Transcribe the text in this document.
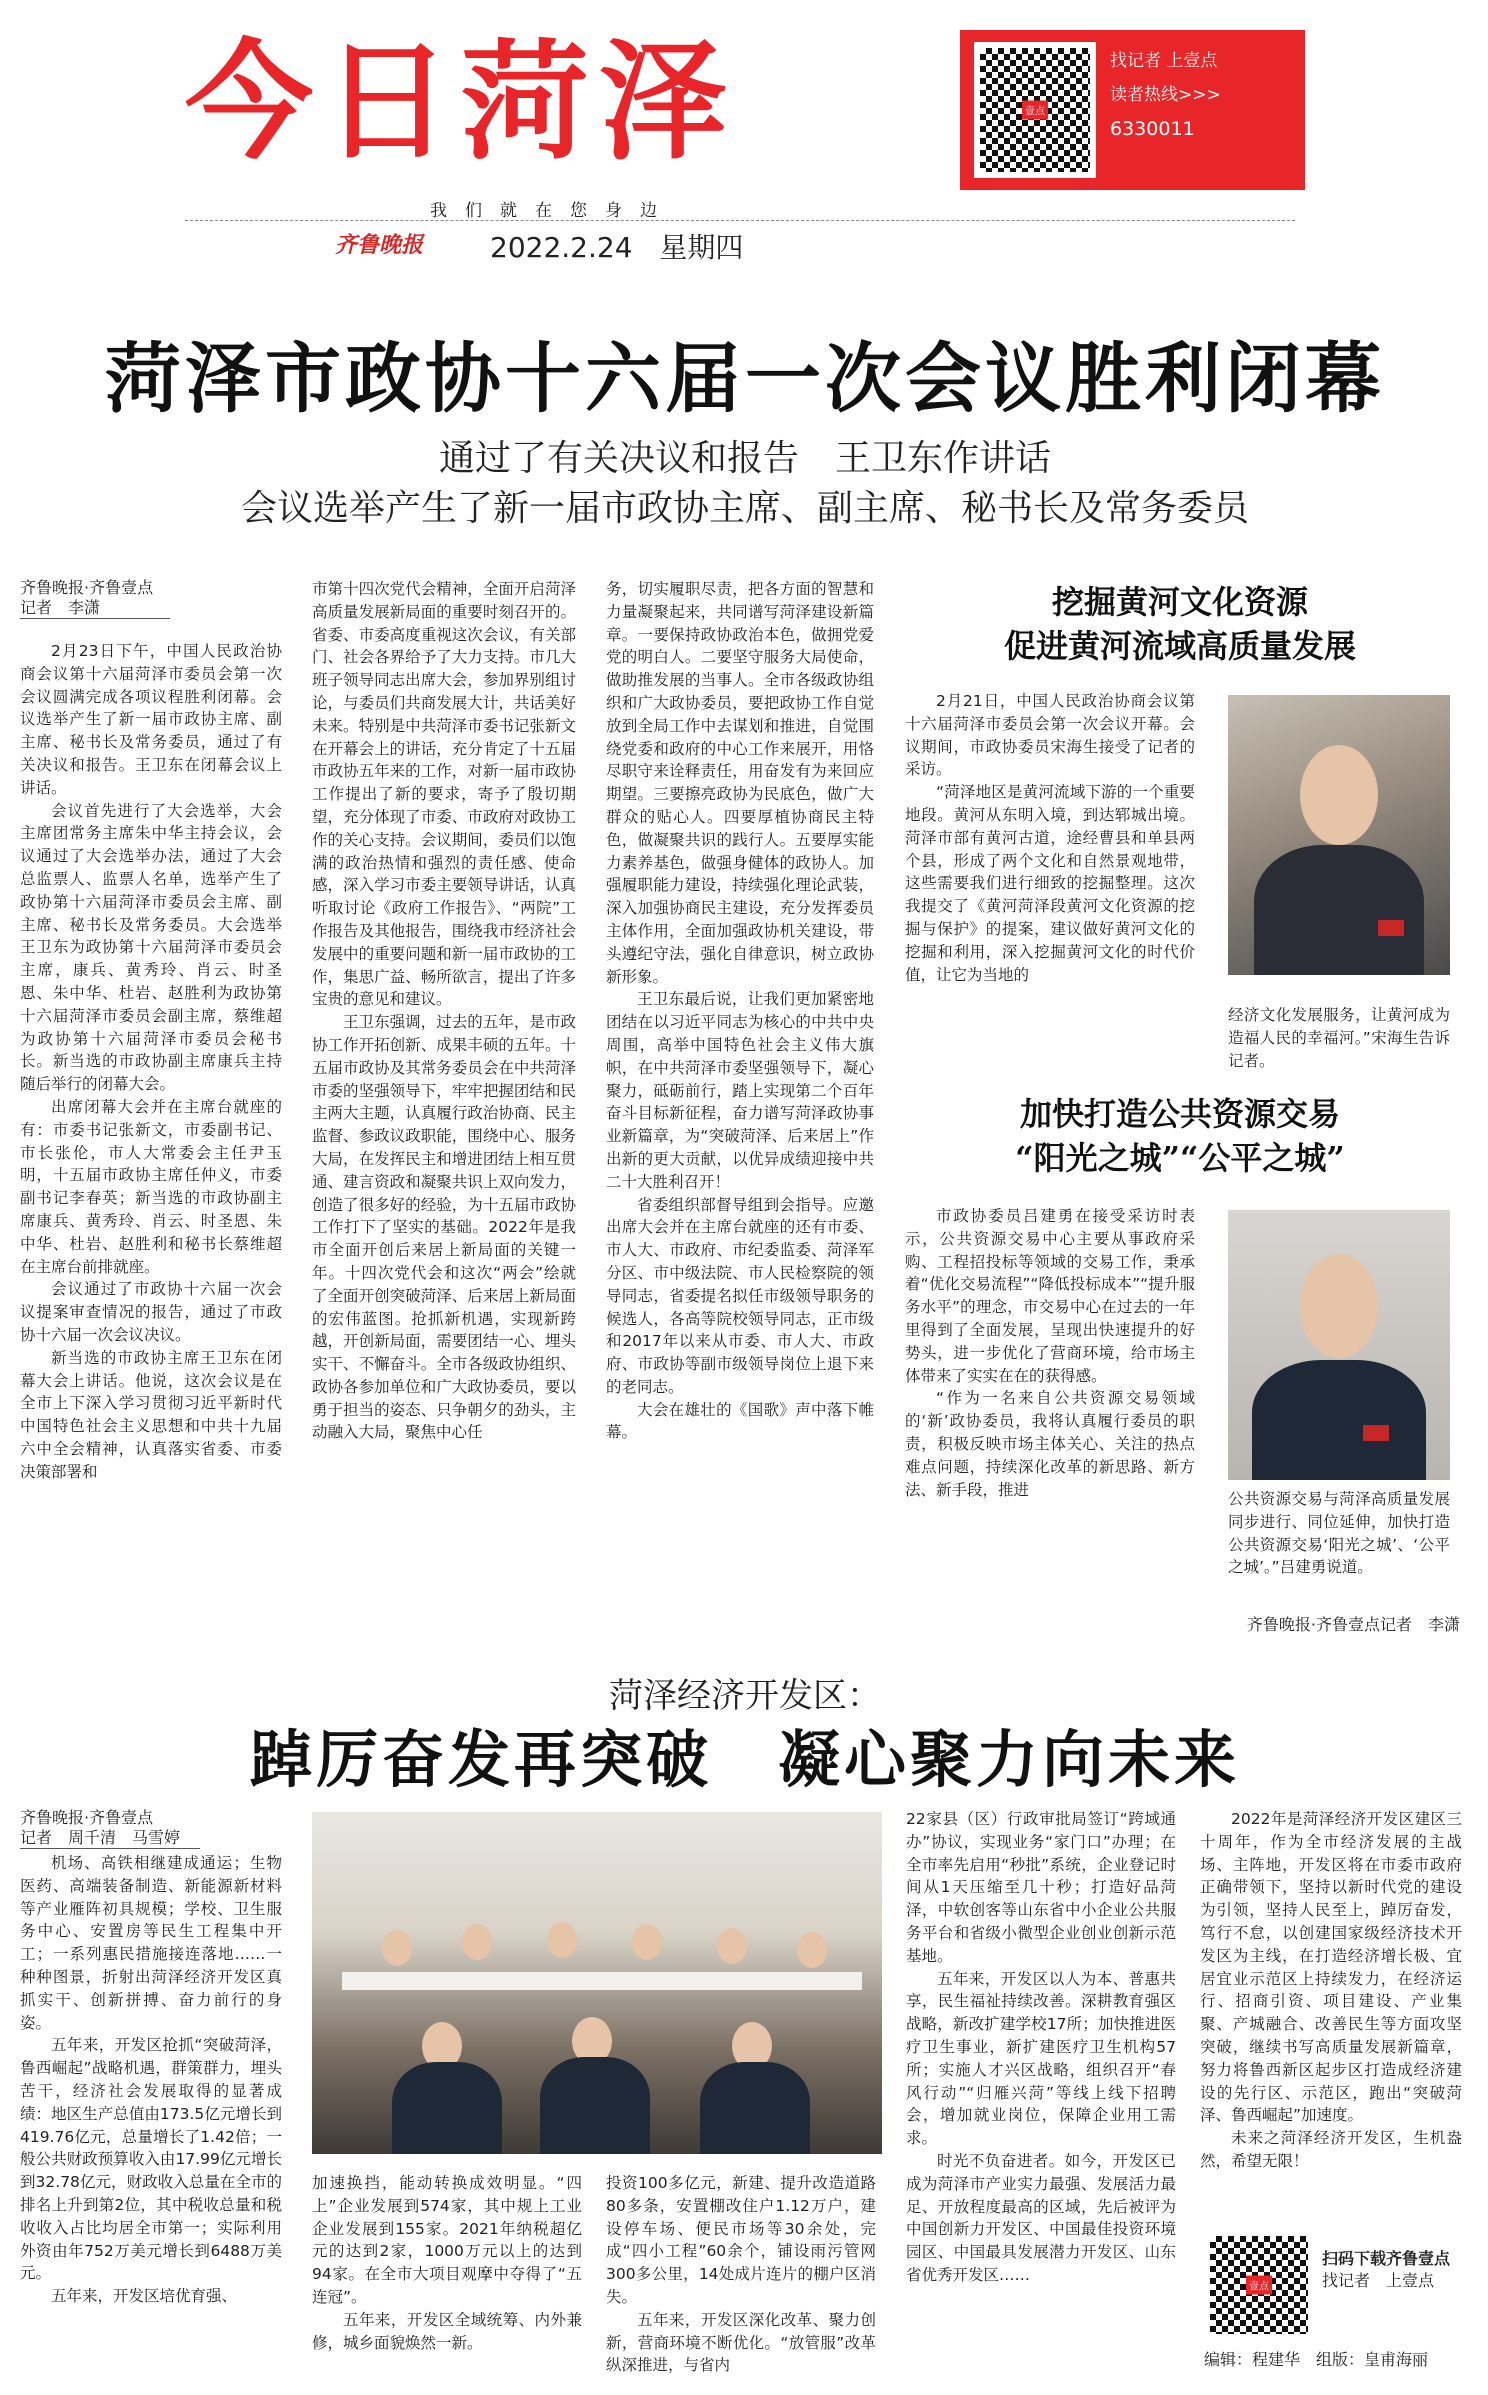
今日菏泽	壹点
找记者 上壹点
读者热线>>>
6330011
我们就在您身边
齐鲁晚报 2022.2.24 星期四
菏泽市政协十六届一次会议胜利闭幕
通过了有关决议和报告　王卫东作讲话
会议选举产生了新一届市政协主席、副主席、秘书长及常务委员
齐鲁晚报·齐鲁壹点
记者　李潇

2月23日下午，中国人民政治协商会议第十六届菏泽市委员会第一次会议圆满完成各项议程胜利闭幕。会议选举产生了新一届市政协主席、副主席、秘书长及常务委员，通过了有关决议和报告。王卫东在闭幕会议上讲话。

会议首先进行了大会选举，大会主席团常务主席朱中华主持会议，会议通过了大会选举办法，通过了大会总监票人、监票人名单，选举产生了政协第十六届菏泽市委员会主席、副主席、秘书长及常务委员。大会选举王卫东为政协第十六届菏泽市委员会主席，康兵、黄秀玲、肖云、时圣恩、朱中华、杜岩、赵胜利为政协第十六届菏泽市委员会副主席，蔡维超为政协第十六届菏泽市委员会秘书长。新当选的市政协副主席康兵主持随后举行的闭幕大会。

出席闭幕大会并在主席台就座的有：市委书记张新文，市委副书记、市长张伦，市人大常委会主任尹玉明，十五届市政协主席任仲义，市委副书记李春英；新当选的市政协副主席康兵、黄秀玲、肖云、时圣恩、朱中华、杜岩、赵胜利和秘书长蔡维超在主席台前排就座。

会议通过了市政协十六届一次会议提案审查情况的报告，通过了市政协十六届一次会议决议。

新当选的市政协主席王卫东在闭幕大会上讲话。他说，这次会议是在全市上下深入学习贯彻习近平新时代中国特色社会主义思想和中共十九届六中全会精神，认真落实省委、市委决策部署和

市第十四次党代会精神，全面开启菏泽高质量发展新局面的重要时刻召开的。省委、市委高度重视这次会议，有关部门、社会各界给予了大力支持。市几大班子领导同志出席大会，参加界别组讨论，与委员们共商发展大计，共话美好未来。特别是中共菏泽市委书记张新文在开幕会上的讲话，充分肯定了十五届市政协五年来的工作，对新一届市政协工作提出了新的要求，寄予了殷切期望，充分体现了市委、市政府对政协工作的关心支持。会议期间，委员们以饱满的政治热情和强烈的责任感、使命感，深入学习市委主要领导讲话，认真听取讨论《政府工作报告》、“两院”工作报告及其他报告，围绕我市经济社会发展中的重要问题和新一届市政协的工作，集思广益、畅所欲言，提出了许多宝贵的意见和建议。

王卫东强调，过去的五年，是市政协工作开拓创新、成果丰硕的五年。十五届市政协及其常务委员会在中共菏泽市委的坚强领导下，牢牢把握团结和民主两大主题，认真履行政治协商、民主监督、参政议政职能，围绕中心、服务大局，在发挥民主和增进团结上相互贯通、建言资政和凝聚共识上双向发力，创造了很多好的经验，为十五届市政协工作打下了坚实的基础。2022年是我市全面开创后来居上新局面的关键一年。十四次党代会和这次“两会”绘就了全面开创突破菏泽、后来居上新局面的宏伟蓝图。抢抓新机遇，实现新跨越，开创新局面，需要团结一心、埋头实干、不懈奋斗。全市各级政协组织、政协各参加单位和广大政协委员，要以勇于担当的姿态、只争朝夕的劲头，主动融入大局，聚焦中心任

务，切实履职尽责，把各方面的智慧和力量凝聚起来，共同谱写菏泽建设新篇章。一要保持政协政治本色，做拥党爱党的明白人。二要坚守服务大局使命，做助推发展的当事人。全市各级政协组织和广大政协委员，要把政协工作自觉放到全局工作中去谋划和推进，自觉围绕党委和政府的中心工作来展开，用恪尽职守来诠释责任，用奋发有为来回应期望。三要擦亮政协为民底色，做广大群众的贴心人。四要厚植协商民主特色，做凝聚共识的践行人。五要厚实能力素养基色，做强身健体的政协人。加强履职能力建设，持续强化理论武装，深入加强协商民主建设，充分发挥委员主体作用，全面加强政协机关建设，带头遵纪守法，强化自律意识，树立政协新形象。

王卫东最后说，让我们更加紧密地团结在以习近平同志为核心的中共中央周围，高举中国特色社会主义伟大旗帜，在中共菏泽市委坚强领导下，凝心聚力，砥砺前行，踏上实现第二个百年奋斗目标新征程，奋力谱写菏泽政协事业新篇章，为“突破菏泽、后来居上”作出新的更大贡献，以优异成绩迎接中共二十大胜利召开！

省委组织部督导组到会指导。应邀出席大会并在主席台就座的还有市委、市人大、市政府、市纪委监委、菏泽军分区、市中级法院、市人民检察院的领导同志，省委提名拟任市级领导职务的候选人，各高等院校领导同志，正市级和2017年以来从市委、市人大、市政府、市政协等副市级领导岗位上退下来的老同志。

大会在雄壮的《国歌》声中落下帷幕。

挖掘黄河文化资源
促进黄河流域高质量发展

2月21日，中国人民政治协商会议第十六届菏泽市委员会第一次会议开幕。会议期间，市政协委员宋海生接受了记者的采访。

“菏泽地区是黄河流域下游的一个重要地段。黄河从东明入境，到达郓城出境。菏泽市部有黄河古道，途经曹县和单县两个县，形成了两个文化和自然景观地带，这些需要我们进行细致的挖掘整理。这次我提交了《黄河菏泽段黄河文化资源的挖掘与保护》的提案，建议做好黄河文化的挖掘和利用，深入挖掘黄河文化的时代价值，让它为当地的

经济文化发展服务，让黄河成为造福人民的幸福河。”宋海生告诉记者。
加快打造公共资源交易
“阳光之城”“公平之城”

市政协委员吕建勇在接受采访时表示，公共资源交易中心主要从事政府采购、工程招投标等领域的交易工作，秉承着“优化交易流程”“降低投标成本”“提升服务水平”的理念，市交易中心在过去的一年里得到了全面发展，呈现出快速提升的好势头，进一步优化了营商环境，给市场主体带来了实实在在的获得感。

“作为一名来自公共资源交易领域的‘新’政协委员，我将认真履行委员的职责，积极反映市场主体关心、关注的热点难点问题，持续深化改革的新思路、新方法、新手段，推进

公共资源交易与菏泽高质量发展同步进行、同位延伸，加快打造公共资源交易‘阳光之城’、‘公平之城’。”吕建勇说道。
齐鲁晚报·齐鲁壹点记者　李潇
菏泽经济开发区：
踔厉奋发再突破　凝心聚力向未来
齐鲁晚报·齐鲁壹点
记者　周千清　马雪婷

机场、高铁相继建成通运；生物医药、高端装备制造、新能源新材料等产业雁阵初具规模；学校、卫生服务中心、安置房等民生工程集中开工；一系列惠民措施接连落地……一种种图景，折射出菏泽经济开发区真抓实干、创新拼搏、奋力前行的身姿。

五年来，开发区抢抓“突破菏泽，鲁西崛起”战略机遇，群策群力，埋头苦干，经济社会发展取得的显著成绩：地区生产总值由173.5亿元增长到419.76亿元，总量增长了1.42倍；一般公共财政预算收入由17.99亿元增长到32.78亿元，财政收入总量在全市的排名上升到第2位，其中税收总量和税收收入占比均居全市第一；实际利用外资由年752万美元增长到6488万美元。

五年来，开发区培优育强、

加速换挡，能动转换成效明显。“四上”企业发展到574家，其中规上工业企业发展到155家。2021年纳税超亿元的达到2家，1000万元以上的达到94家。在全市大项目观摩中夺得了“五连冠”。

五年来，开发区全域统筹、内外兼修，城乡面貌焕然一新。

投资100多亿元，新建、提升改造道路80多条，安置棚改住户1.12万户，建设停车场、便民市场等30余处，完成“四小工程”60余个，铺设雨污管网300多公里，14处成片连片的棚户区消失。

五年来，开发区深化改革、聚力创新，营商环境不断优化。“放管服”改革纵深推进，与省内

22家县（区）行政审批局签订“跨域通办”协议，实现业务“家门口”办理；在全市率先启用“秒批”系统，企业登记时间从1天压缩至几十秒；打造好品菏泽，中软创客等山东省中小企业公共服务平台和省级小微型企业创业创新示范基地。

五年来，开发区以人为本、普惠共享，民生福祉持续改善。深耕教育强区战略，新改扩建学校17所；加快推进医疗卫生事业，新扩建医疗卫生机构57所；实施人才兴区战略，组织召开“春风行动”“归雁兴菏”等线上线下招聘会，增加就业岗位，保障企业用工需求。

时光不负奋进者。如今，开发区已成为菏泽市产业实力最强、发展活力最足、开放程度最高的区域，先后被评为中国创新力开发区、中国最佳投资环境园区、中国最具发展潜力开发区、山东省优秀开发区……

2022年是菏泽经济开发区建区三十周年，作为全市经济发展的主战场、主阵地，开发区将在市委市政府正确带领下，坚持以新时代党的建设为引领，坚持人民至上，踔厉奋发，笃行不怠，以创建国家级经济技术开发区为主线，在打造经济增长极、宜居宜业示范区上持续发力，在经济运行、招商引资、项目建设、产业集聚、产城融合、改善民生等方面攻坚突破，继续书写高质量发展新篇章，努力将鲁西新区起步区打造成经济建设的先行区、示范区，跑出“突破菏泽、鲁西崛起”加速度。

未来之菏泽经济开发区，生机盎然，希望无限！

壹点
扫码下载齐鲁壹点
找记者　上壹点
编辑：程建华　组版：皇甫海丽
